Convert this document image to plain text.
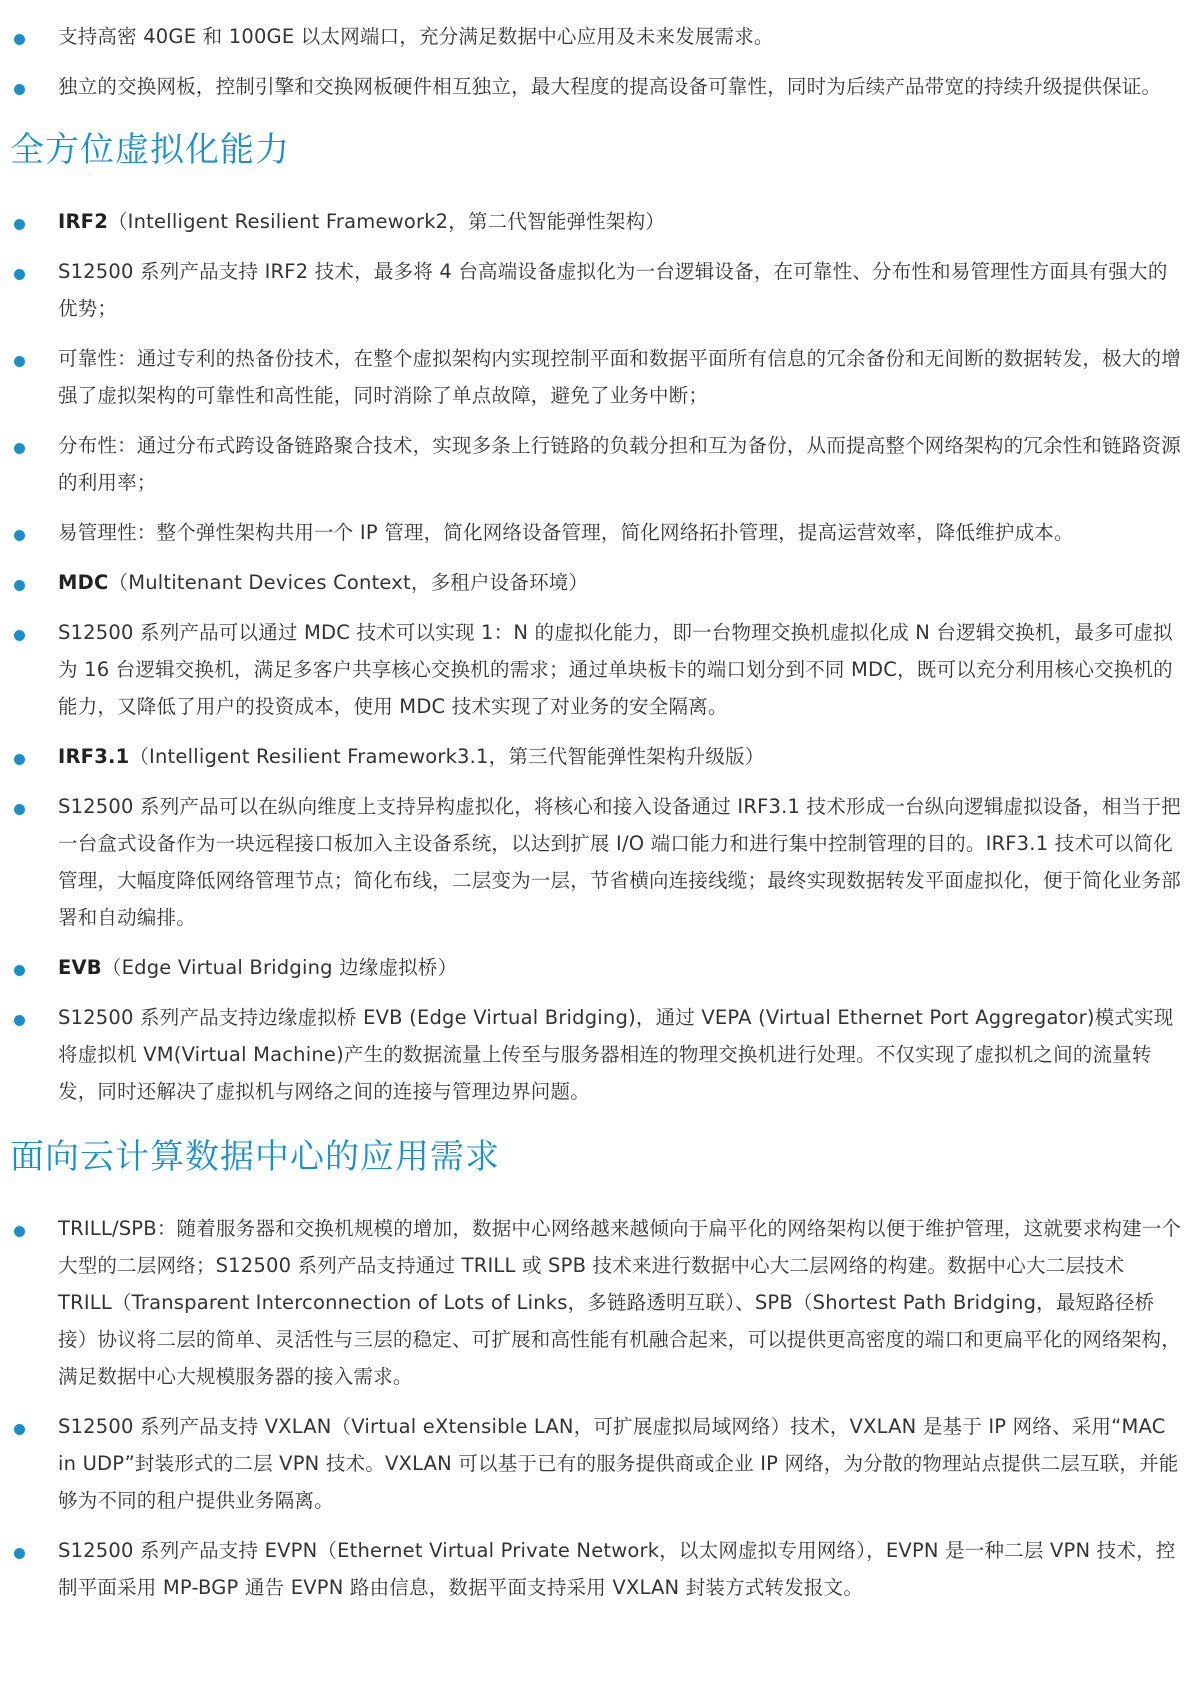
支持高密 40GE 和 100GE 以太网端口，充分满足数据中心应用及未来发展需求。

独立的交换网板，控制引擎和交换网板硬件相互独立，最大程度的提高设备可靠性，同时为后续产品带宽的持续升级提供保证。

全方位虚拟化能力

IRF2（Intelligent Resilient Framework2，第二代智能弹性架构）

S12500 系列产品支持 IRF2 技术，最多将 4 台高端设备虚拟化为一台逻辑设备，在可靠性、分布性和易管理性方面具有强大的优势；

可靠性：通过专利的热备份技术，在整个虚拟架构内实现控制平面和数据平面所有信息的冗余备份和无间断的数据转发，极大的增强了虚拟架构的可靠性和高性能，同时消除了单点故障，避免了业务中断；

分布性：通过分布式跨设备链路聚合技术，实现多条上行链路的负载分担和互为备份，从而提高整个网络架构的冗余性和链路资源的利用率；

易管理性：整个弹性架构共用一个 IP 管理，简化网络设备管理，简化网络拓扑管理，提高运营效率，降低维护成本。

MDC（Multitenant Devices Context，多租户设备环境）

S12500 系列产品可以通过 MDC 技术可以实现 1：N 的虚拟化能力，即一台物理交换机虚拟化成 N 台逻辑交换机，最多可虚拟为 16 台逻辑交换机，满足多客户共享核心交换机的需求；通过单块板卡的端口划分到不同 MDC，既可以充分利用核心交换机的能力，又降低了用户的投资成本，使用 MDC 技术实现了对业务的安全隔离。

IRF3.1（Intelligent Resilient Framework3.1，第三代智能弹性架构升级版）

S12500 系列产品可以在纵向维度上支持异构虚拟化，将核心和接入设备通过 IRF3.1 技术形成一台纵向逻辑虚拟设备，相当于把一台盒式设备作为一块远程接口板加入主设备系统，以达到扩展 I/O 端口能力和进行集中控制管理的目的。IRF3.1 技术可以简化管理，大幅度降低网络管理节点；简化布线，二层变为一层，节省横向连接线缆；最终实现数据转发平面虚拟化，便于简化业务部署和自动编排。

EVB（Edge Virtual Bridging 边缘虚拟桥）

S12500 系列产品支持边缘虚拟桥 EVB (Edge Virtual Bridging)，通过 VEPA (Virtual Ethernet Port Aggregator)模式实现将虚拟机 VM(Virtual Machine)产生的数据流量上传至与服务器相连的物理交换机进行处理。不仅实现了虚拟机之间的流量转发，同时还解决了虚拟机与网络之间的连接与管理边界问题。

面向云计算数据中心的应用需求

TRILL/SPB：随着服务器和交换机规模的增加，数据中心网络越来越倾向于扁平化的网络架构以便于维护管理，这就要求构建一个大型的二层网络；S12500 系列产品支持通过 TRILL 或 SPB 技术来进行数据中心大二层网络的构建。数据中心大二层技术 TRILL（Transparent Interconnection of Lots of Links，多链路透明互联）、SPB（Shortest Path Bridging，最短路径桥接）协议将二层的简单、灵活性与三层的稳定、可扩展和高性能有机融合起来，可以提供更高密度的端口和更扁平化的网络架构，满足数据中心大规模服务器的接入需求。

S12500 系列产品支持 VXLAN（Virtual eXtensible LAN，可扩展虚拟局域网络）技术，VXLAN 是基于 IP 网络、采用“MAC in UDP”封装形式的二层 VPN 技术。VXLAN 可以基于已有的服务提供商或企业 IP 网络，为分散的物理站点提供二层互联，并能够为不同的租户提供业务隔离。

S12500 系列产品支持 EVPN（Ethernet Virtual Private Network，以太网虚拟专用网络），EVPN 是一种二层 VPN 技术，控制平面采用 MP-BGP 通告 EVPN 路由信息，数据平面支持采用 VXLAN 封装方式转发报文。
